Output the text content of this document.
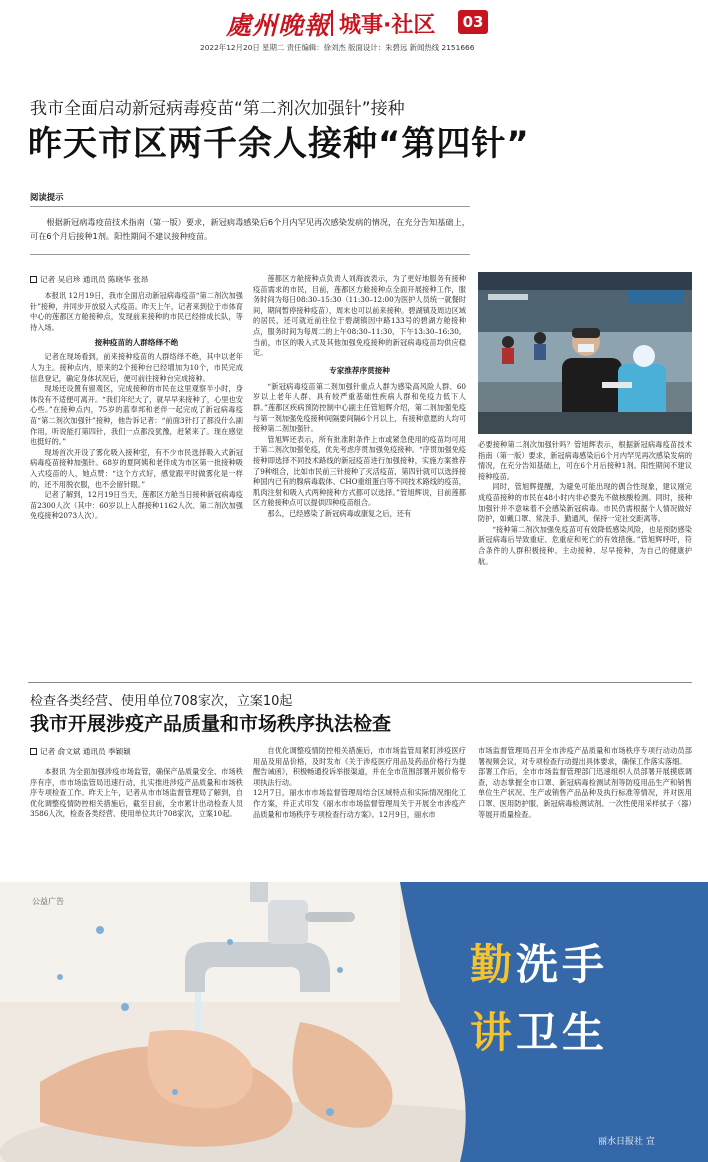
處州晚報 城事·社区	03
2022年12月20日 星期二 责任编辑：徐刘杰 版面设计：朱碧远 新闻热线 2151666
我市全面启动新冠病毒疫苗“第二剂次加强针”接种
昨天市区两千余人接种“第四针”
阅读提示
根据新冠病毒疫苗技术指南（第一版）要求，新冠病毒感染后6个月内罕见再次感染发病的情况，在充分告知基础上，可在6个月后接种1剂。阳性期间不建议接种疫苗。
记者 吴启珍 通讯员 陈晓华 张昂

本报讯 12月19日，我市全面启动新冠病毒疫苗“第二剂次加强针”接种，并同步开放驳入式疫苗。昨天上午，记者来到位于市体育中心的莲都区方舱接种点，发现前来接种的市民已经排成长队，等待入场。

接种疫苗的人群络绎不绝

记者在现场看到，前来接种疫苗的人群络绎不绝，其中以老年人为主。接种点内，原来的2个接种台已经增加为10个，市民完成信息登记，确定身体状况后，便可前往接种台完成接种。

现场还设置有留观区，完成接种的市民在这里观察半小时，身体没有不适便可离开。“我们年纪大了，就早早来接种了，心里也安心些。”在接种点内，75岁的蓝奉邦和老伴一起完成了新冠病毒疫苗“第二剂次加强针”接种，他告诉记者：“前面3针打了都没什么副作用，听说能打第四针，我们一点都没犹豫，赶紧来了。现在感觉也挺好的。”

现场首次开设了雾化吸入接种室，有不少市民选择吸入式新冠病毒疫苗接种加强针。68岁的夏阿姨和老伴成为市区第一批接种吸入式疫苗的人，她点赞：“这个方式好，感觉跟平时做雾化是一样的，还不用脱衣服，也不会留针眼。”

记者了解到，12月19日当天，莲都区方舱当日接种新冠病毒疫苗2300人次（其中：60岁以上人群接种1162人次、第二剂次加强免疫接种2073人次）。

莲都区方舱接种点负责人刘海波表示，为了更好地服务有接种疫苗需求的市民，目前，莲都区方舱接种点全面开展接种工作，服务时间为每日08:30–15:30（11:30–12:00为医护人员统一就餐时间，期间暂停接种疫苗），周末也可以前来接种。碧湖镇及周边区域的居民，还可就近前往位于碧湖镇因中路133号的碧湖方舱接种点，服务时间为每周二的上午08:30–11:30、下午13:30–16:30。当前，市区的吸入式及其他加强免疫接种的新冠病毒疫苗均供应稳定。

专家推荐序贯接种

“新冠病毒疫苗第二剂加强针重点人群为感染高风险人群、60岁以上老年人群、具有较严重基础性疾病人群和免疫力低下人群。”莲都区疾病预防控制中心副主任管旭辉介绍，第二剂加强免疫与第一剂加强免疫接种间隔要间隔6个月以上，有接种意愿的人均可接种第二剂加强针。

管旭辉还表示，所有批准附条件上市或紧急使用的疫苗均可用于第二剂次加强免疫，优先考虑序贯加强免疫接种。“序贯加强免疫接种即选择不同技术路线的新冠疫苗进行加强接种，实施方案推荐了9种组合，比如市民前三针接种了灭活疫苗，第四针就可以选择接种国内已有的腺病毒载体、CHO重组蛋白等不同技术路线的疫苗，肌肉注射和吸入式两种接种方式都可以选择。”管旭辉说，目前莲都区方舱接种点可以提供四种疫苗组合。

那么，已经感染了新冠病毒或康复之后，还有

必要接种第二剂次加强针吗？管旭辉表示，根据新冠病毒疫苗技术指南（第一版）要求，新冠病毒感染后6个月内罕见再次感染发病的情况，在充分告知基础上，可在6个月后接种1剂。阳性期间不建议接种疫苗。

同时，管旭辉提醒，为避免可能出现的偶合性现象，建议刚完成疫苗接种的市民在48小时内非必要先不做核酸检测。同时，接种加强针并不意味着不会感染新冠病毒。市民仍需根据个人情况做好防护，如戴口罩、常洗手、勤通风，保持一定社交距离等。

“接种第二剂次加强免疫苗可有效降低感染风险，也是预防感染新冠病毒后导致重症、危重症和死亡的有效措施。”管旭辉呼吁，符合条件的人群积极接种、主动接种、尽早接种，为自己的健康护航。

检查各类经营、使用单位708家次，立案10起
我市开展涉疫产品质量和市场秩序执法检查
记者 俞文斌 通讯员 季颖颖

本报讯 为全面加强涉疫市场监管，确保产品质量安全、市场秩序有序，市市场监管局迅速行动，扎实推进涉疫产品质量和市场秩序专项检查工作。昨天上午，记者从市市场监督管理局了解到，自优化调整疫情防控相关措施后，截至目前，全市累计出动检查人员3586人次，检查各类经营、使用单位共计708家次，立案10起。

自优化调整疫情防控相关措施后，市市场监管局紧盯涉疫医疗用品及用品价格，及时发布《关于涉疫医疗用品及药品价格行为提醒告诫函》，积极畅通投诉举报渠道，并在全市范围部署开展价格专项执法行动。
12月7日，丽水市市场监督管理局结合区域特点和实际情况细化工作方案，并正式印发《丽水市市场监督管理局关于开展全市涉疫产品质量和市场秩序专项检查行动方案》。12月9日，丽水市

市场监督管理局召开全市涉疫产品质量和市场秩序专项行动动员部署视频会议，对专项检查行动提出具体要求，确保工作落实落细。
部署工作后，全市市场监督管理部门迅速组织人员部署开展摸底调查，动态掌握全市口罩、新冠病毒检测试剂等防疫用品生产和销售单位生产状况、生产或销售产品品种及执行标准等情况，并对医用口罩、医用防护服、新冠病毒检测试剂、一次性使用采样拭子（器）等展开质量检查。

公益广告
勤洗手
讲卫生
丽水日报社 宣
